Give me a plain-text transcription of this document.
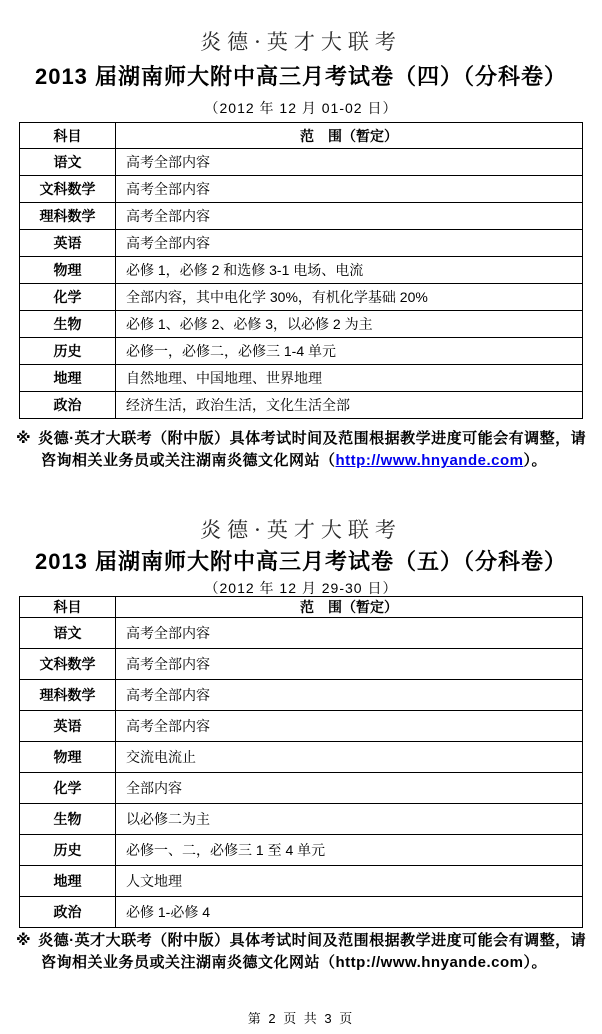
炎德·英才大联考
2013 届湖南师大附中高三月考试卷（四）（分科卷）
（2012 年 12 月 01-02 日）
科目	范　围（暂定）
语文	高考全部内容
文科数学	高考全部内容
理科数学	高考全部内容
英语	高考全部内容
物理	必修 1，必修 2 和选修 3-1 电场、电流
化学	全部内容，其中电化学 30%，有机化学基础 20%
生物	必修 1、必修 2、必修 3，以必修 2 为主
历史	必修一，必修二，必修三 1-4 单元
地理	自然地理、中国地理、世界地理
政治	经济生活，政治生活，文化生活全部
※ 炎德·英才大联考（附中版）具体考试时间及范围根据教学进度可能会有调整，请咨询相关业务员或关注湖南炎德文化网站（http://www.hnyande.com）。
炎德·英才大联考
2013 届湖南师大附中高三月考试卷（五）（分科卷）
（2012 年 12 月 29-30 日）
科目	范　围（暂定）
语文	高考全部内容
文科数学	高考全部内容
理科数学	高考全部内容
英语	高考全部内容
物理	交流电流止
化学	全部内容
生物	以必修二为主
历史	必修一、二，必修三 1 至 4 单元
地理	人文地理
政治	必修 1-必修 4
※ 炎德·英才大联考（附中版）具体考试时间及范围根据教学进度可能会有调整，请咨询相关业务员或关注湖南炎德文化网站（http://www.hnyande.com）。
第 2 页 共 3 页
